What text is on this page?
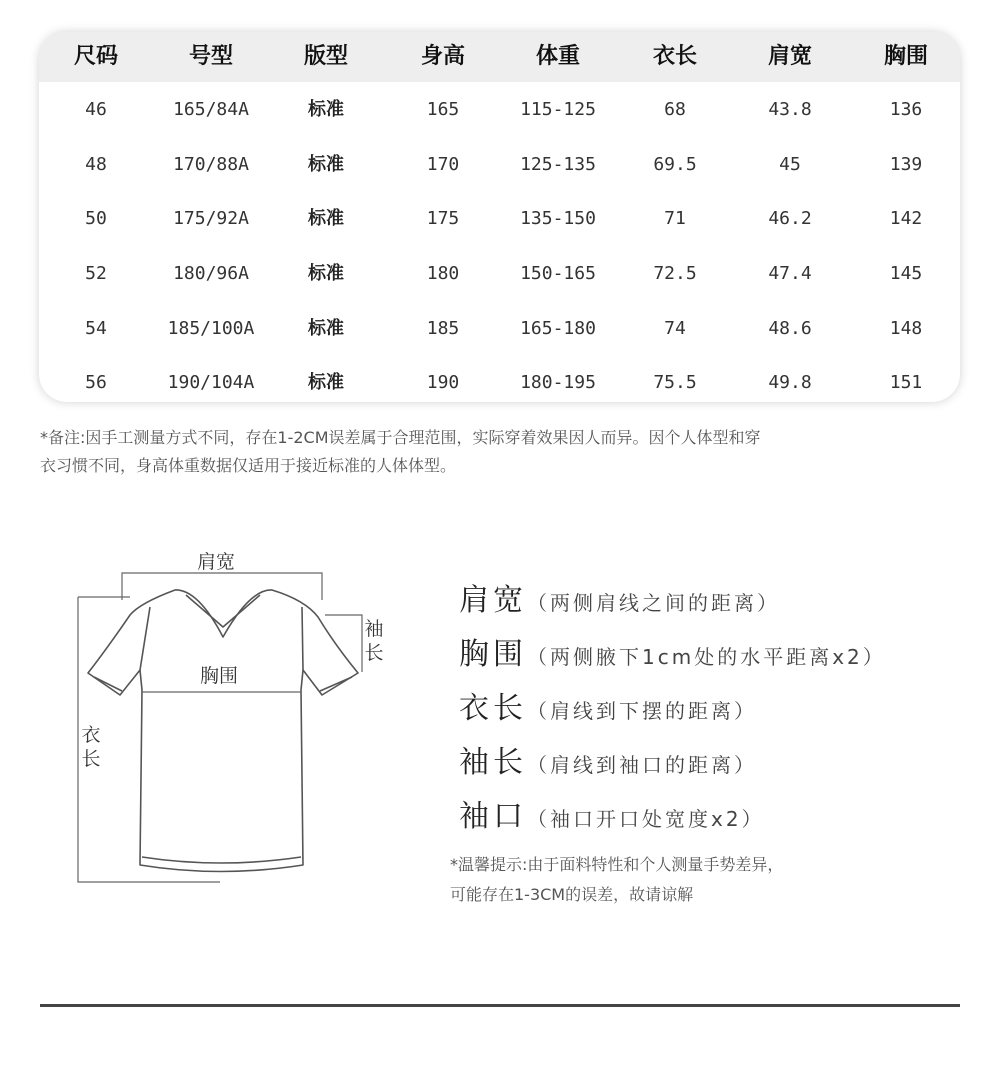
尺码	号型	版型	身高	体重	衣长	肩宽	胸围
46	165/84A	标准	165	115-125	68	43.8	136
48	170/88A	标准	170	125-135	69.5	45	139
50	175/92A	标准	175	135-150	71	46.2	142
52	180/96A	标准	180	150-165	72.5	47.4	145
54	185/100A	标准	185	165-180	74	48.6	148
56	190/104A	标准	190	180-195	75.5	49.8	151
*备注:因手工测量方式不同，存在1-2CM误差属于合理范围，实际穿着效果因人而异。因个人体型和穿
衣习惯不同，身高体重数据仅适用于接近标准的人体体型。
肩宽
胸围
袖
长
衣
长
肩宽（两侧肩线之间的距离）
胸围（两侧腋下1cm处的水平距离x2）
衣长（肩线到下摆的距离）
袖长（肩线到袖口的距离）
袖口（袖口开口处宽度x2）
*温馨提示:由于面料特性和个人测量手势差异，
可能存在1-3CM的误差，故请谅解
